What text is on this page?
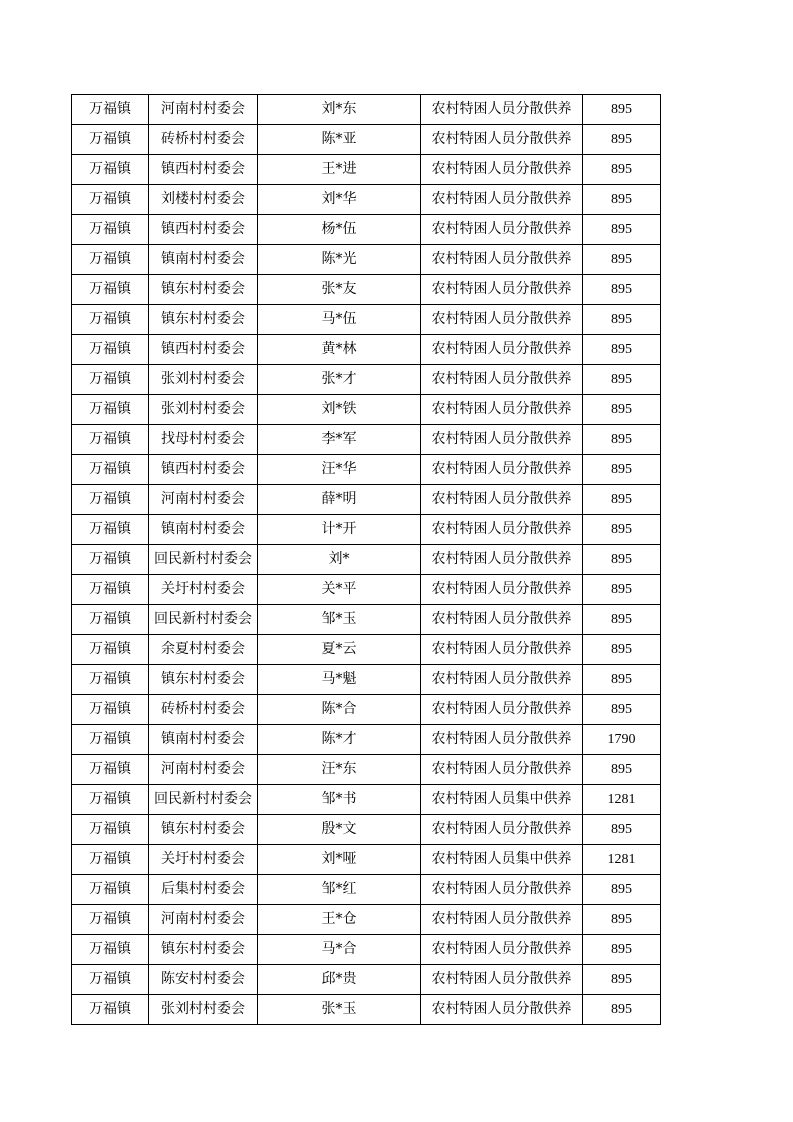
万福镇	河南村村委会	刘*东	农村特困人员分散供养	895
万福镇	砖桥村村委会	陈*亚	农村特困人员分散供养	895
万福镇	镇西村村委会	王*进	农村特困人员分散供养	895
万福镇	刘楼村村委会	刘*华	农村特困人员分散供养	895
万福镇	镇西村村委会	杨*伍	农村特困人员分散供养	895
万福镇	镇南村村委会	陈*光	农村特困人员分散供养	895
万福镇	镇东村村委会	张*友	农村特困人员分散供养	895
万福镇	镇东村村委会	马*伍	农村特困人员分散供养	895
万福镇	镇西村村委会	黄*林	农村特困人员分散供养	895
万福镇	张刘村村委会	张*才	农村特困人员分散供养	895
万福镇	张刘村村委会	刘*铁	农村特困人员分散供养	895
万福镇	找母村村委会	李*军	农村特困人员分散供养	895
万福镇	镇西村村委会	汪*华	农村特困人员分散供养	895
万福镇	河南村村委会	薛*明	农村特困人员分散供养	895
万福镇	镇南村村委会	计*开	农村特困人员分散供养	895
万福镇	回民新村村委会	刘*	农村特困人员分散供养	895
万福镇	关圩村村委会	关*平	农村特困人员分散供养	895
万福镇	回民新村村委会	邹*玉	农村特困人员分散供养	895
万福镇	余夏村村委会	夏*云	农村特困人员分散供养	895
万福镇	镇东村村委会	马*魁	农村特困人员分散供养	895
万福镇	砖桥村村委会	陈*合	农村特困人员分散供养	895
万福镇	镇南村村委会	陈*才	农村特困人员分散供养	1790
万福镇	河南村村委会	汪*东	农村特困人员分散供养	895
万福镇	回民新村村委会	邹*书	农村特困人员集中供养	1281
万福镇	镇东村村委会	殷*文	农村特困人员分散供养	895
万福镇	关圩村村委会	刘*哑	农村特困人员集中供养	1281
万福镇	后集村村委会	邹*红	农村特困人员分散供养	895
万福镇	河南村村委会	王*仓	农村特困人员分散供养	895
万福镇	镇东村村委会	马*合	农村特困人员分散供养	895
万福镇	陈安村村委会	邱*贵	农村特困人员分散供养	895
万福镇	张刘村村委会	张*玉	农村特困人员分散供养	895
